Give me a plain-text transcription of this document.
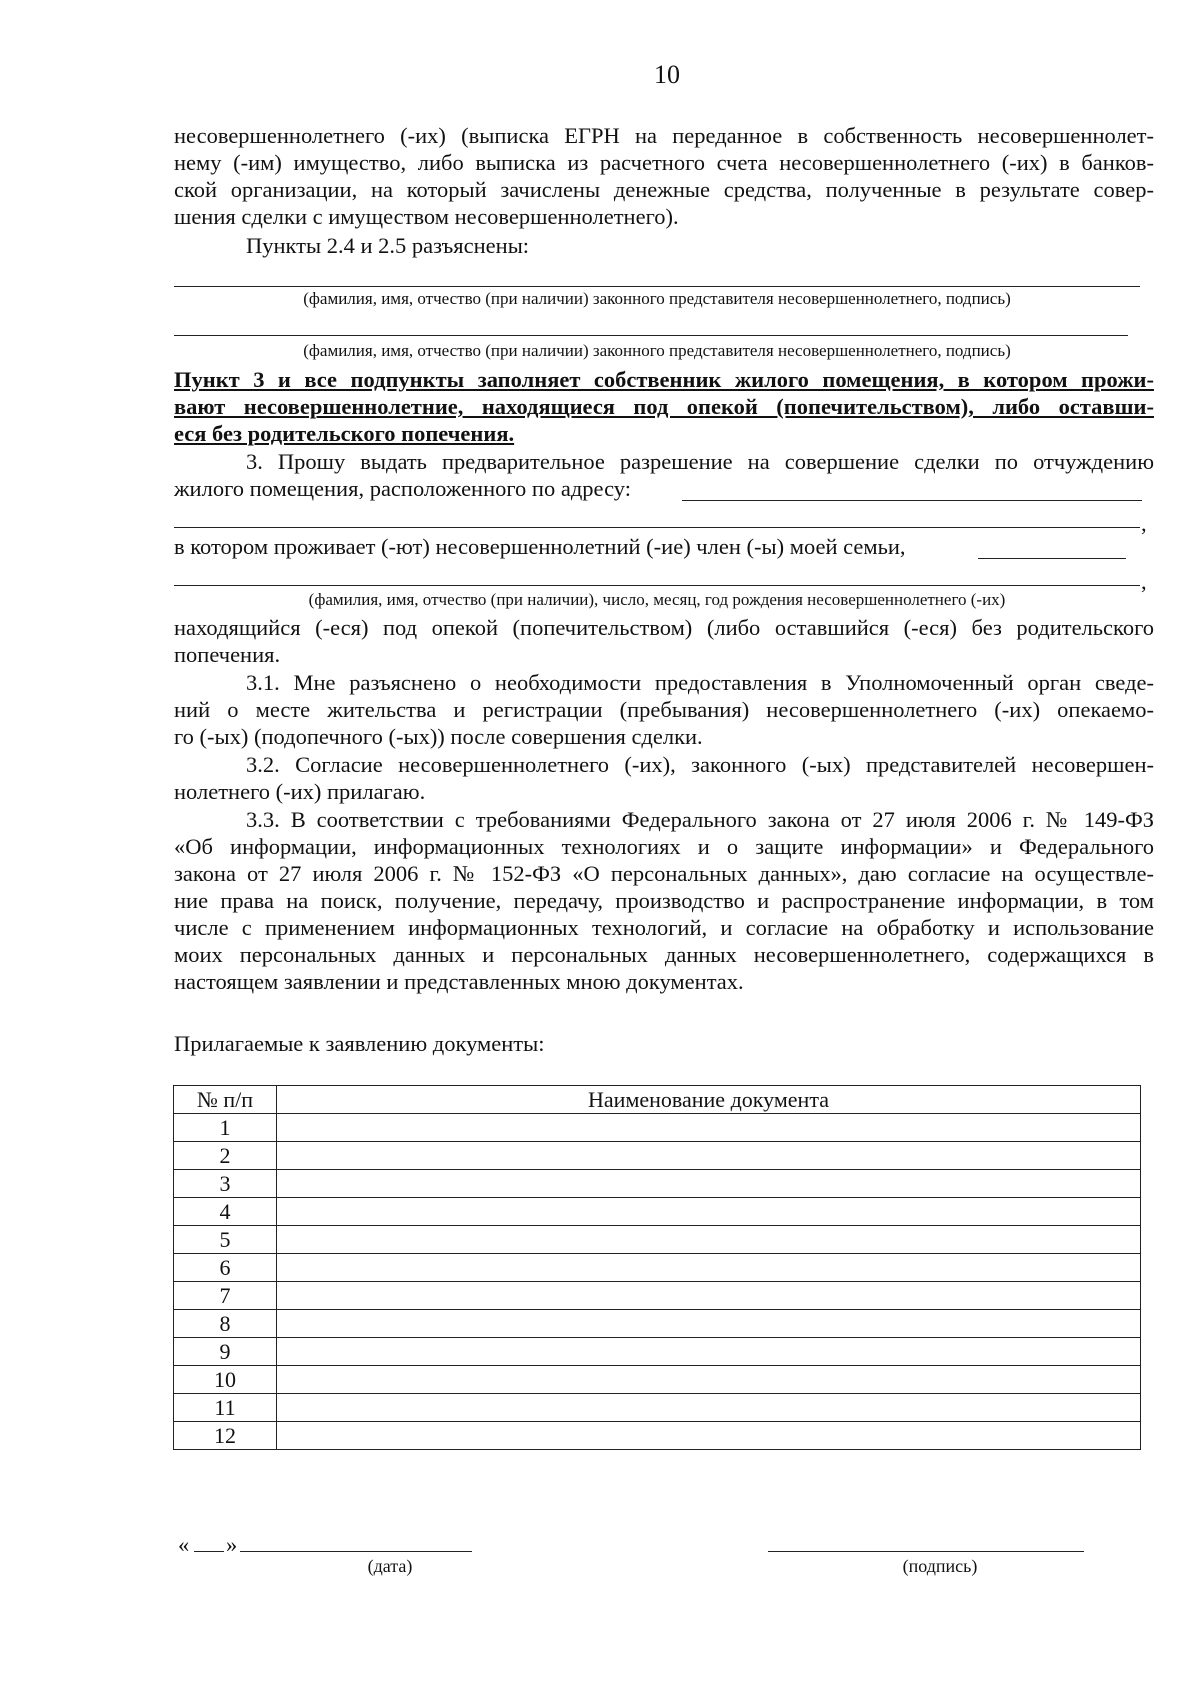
10
несовершеннолетнего (-их) (выписка ЕГРН на переданное в собственность несовершеннолет-
нему (-им) имущество, либо выписка из расчетного счета несовершеннолетнего (-их) в банков-
ской организации, на который зачислены денежные средства, полученные в результате совер-
шения сделки с имуществом несовершеннолетнего).
Пункты 2.4 и 2.5 разъяснены:
(фамилия, имя, отчество (при наличии) законного представителя несовершеннолетнего, подпись)
(фамилия, имя, отчество (при наличии) законного представителя несовершеннолетнего, подпись)
Пункт 3 и все подпункты заполняет собственник жилого помещения, в котором прожи-
вают несовершеннолетние, находящиеся под опекой (попечительством), либо оставши-
еся без родительского попечения.
3. Прошу выдать предварительное разрешение на совершение сделки по отчуждению
жилого помещения, расположенного по адресу:
,
в котором проживает (-ют) несовершеннолетний (-ие) член (-ы) моей семьи,
,
(фамилия, имя, отчество (при наличии), число, месяц, год рождения несовершеннолетнего (-их)
находящийся (-еся) под опекой (попечительством) (либо оставшийся (-еся) без родительского
попечения.
3.1. Мне разъяснено о необходимости предоставления в Уполномоченный орган сведе-
ний о месте жительства и регистрации (пребывания) несовершеннолетнего (-их) опекаемо-
го (-ых) (подопечного (-ых)) после совершения сделки.
3.2. Согласие несовершеннолетнего (-их), законного (-ых) представителей несовершен-
нолетнего (-их) прилагаю.
3.3. В соответствии с требованиями Федерального закона от 27 июля 2006 г. № 149-ФЗ
«Об информации, информационных технологиях и о защите информации» и Федерального
закона от 27 июля 2006 г. № 152-ФЗ «О персональных данных», даю согласие на осуществле-
ние права на поиск, получение, передачу, производство и распространение информации, в том
числе с применением информационных технологий, и согласие на обработку и использование
моих персональных данных и персональных данных несовершеннолетнего, содержащихся в
настоящем заявлении и представленных мною документах.
Прилагаемые к заявлению документы:
№ п/п	Наименование документа
1	
2	
3	
4	
5	
6	
7	
8	
9	
10	
11	
12	
« »
(дата)	(подпись)
